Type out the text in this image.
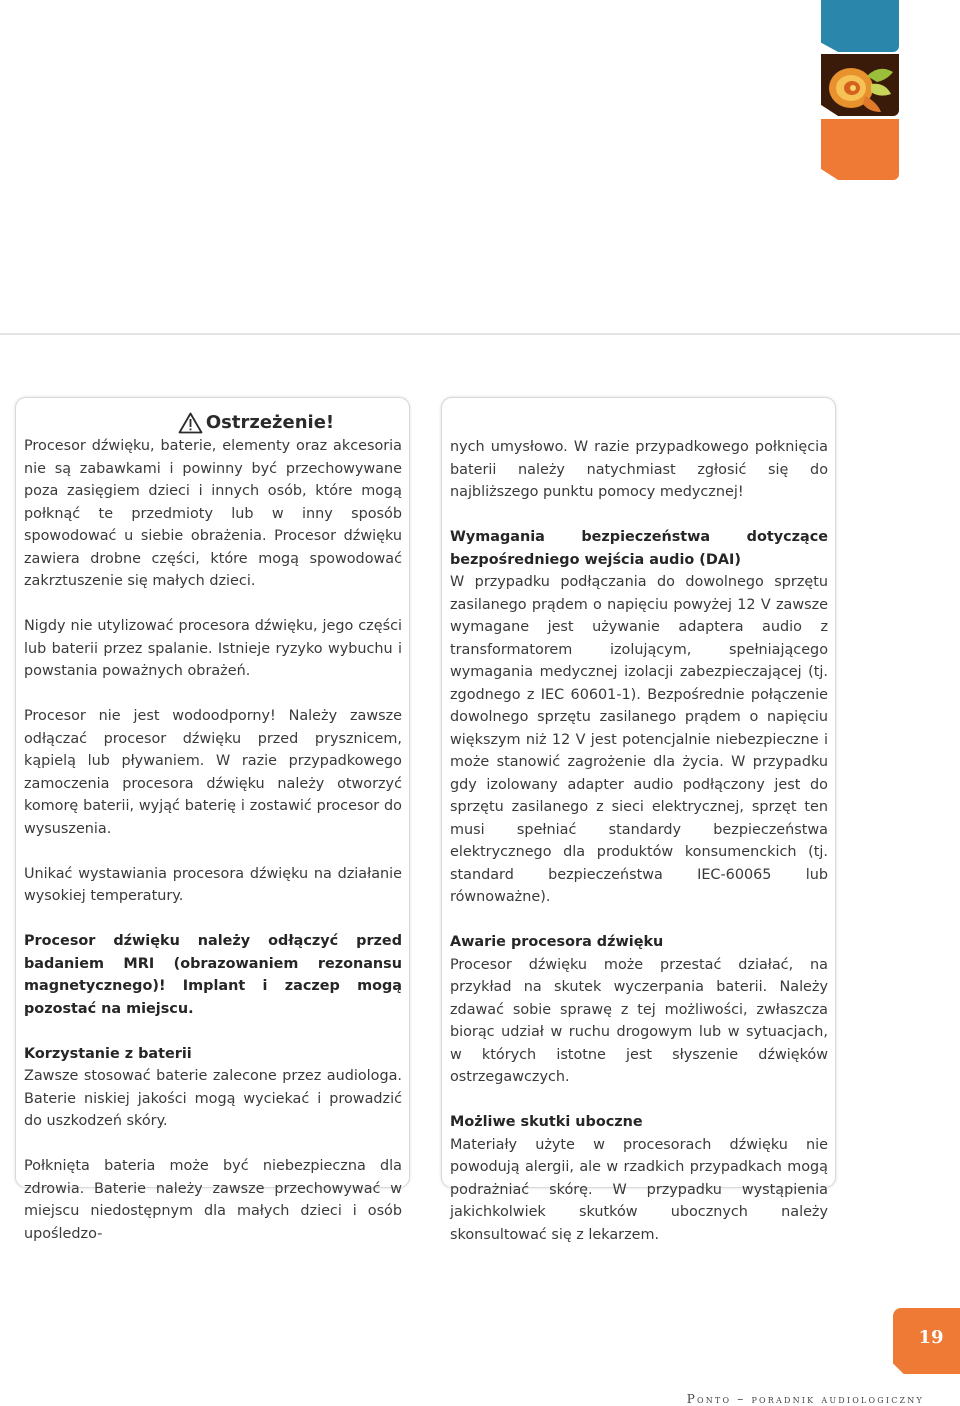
Ostrzeżenie!

Procesor dźwięku, baterie, elementy oraz akcesoria nie są zabawkami i powinny być przechowywane poza zasięgiem dzieci i innych osób, które mogą połknąć te przedmioty lub w inny sposób spowodować u siebie obrażenia. Procesor dźwięku zawiera drobne części, które mogą spowodować zakrztuszenie się małych dzieci.

Nigdy nie utylizować procesora dźwięku, jego części lub baterii przez spalanie. Istnieje ryzyko wybuchu i powstania poważnych obrażeń.

Procesor nie jest wodoodporny! Należy zawsze odłączać procesor dźwięku przed prysznicem, kąpielą lub pływaniem. W razie przypadkowego zamoczenia procesora dźwięku należy otworzyć komorę baterii, wyjąć baterię i zostawić procesor do wysuszenia.

Unikać wystawiania procesora dźwięku na działanie wysokiej temperatury.

Procesor dźwięku należy odłączyć przed badaniem MRI (obrazowaniem rezonansu magnetycznego)! Implant i zaczep mogą pozostać na miejscu.

Korzystanie z baterii
Zawsze stosować baterie zalecone przez audiologa. Baterie niskiej jakości mogą wyciekać i prowadzić do uszkodzeń skóry.

Połknięta bateria może być niebezpieczna dla zdrowia. Baterie należy zawsze przechowywać w miejscu niedostępnym dla małych dzieci i osób upośledzo-

nych umysłowo. W razie przypadkowego połknięcia baterii należy natychmiast zgłosić się do najbliższego punktu pomocy medycznej!

Wymagania bezpieczeństwa dotyczące bezpośredniego wejścia audio (DAI)
W przypadku podłączania do dowolnego sprzętu zasilanego prądem o napięciu powyżej 12 V zawsze wymagane jest używanie adaptera audio z transformatorem izolującym, spełniającego wymagania medycznej izolacji zabezpieczającej (tj. zgodnego z IEC 60601-1). Bezpośrednie połączenie dowolnego sprzętu zasilanego prądem o napięciu większym niż 12 V jest potencjalnie niebezpieczne i może stanowić zagrożenie dla życia. W przypadku gdy izolowany adapter audio podłączony jest do sprzętu zasilanego z sieci elektrycznej, sprzęt ten musi spełniać standardy bezpieczeństwa elektrycznego dla produktów konsumenckich (tj. standard bezpieczeństwa IEC-60065 lub równoważne).

Awarie procesora dźwięku
Procesor dźwięku może przestać działać, na przykład na skutek wyczerpania baterii. Należy zdawać sobie sprawę z tej możliwości, zwłaszcza biorąc udział w ruchu drogowym lub w sytuacjach, w których istotne jest słyszenie dźwięków ostrzegawczych.

Możliwe skutki uboczne
Materiały użyte w procesorach dźwięku nie powodują alergii, ale w rzadkich przypadkach mogą podrażniać skórę. W przypadku wystąpienia jakichkolwiek skutków ubocznych należy skonsultować się z lekarzem.

19
Ponto – poradnik audiologiczny
